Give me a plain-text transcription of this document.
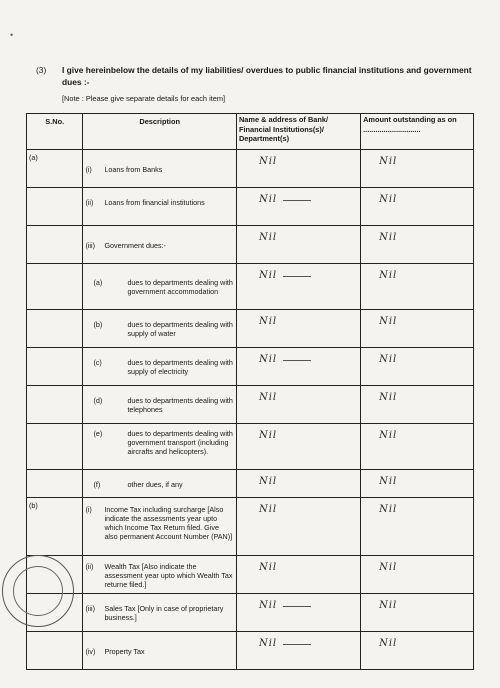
•
(3) I give hereinbelow the details of my liabilities/ overdues to public financial institutions and government dues :-
[Note : Please give separate details for each item]
S.No.	Description	Name & address of Bank/ Financial Institutions(s)/ Department(s)	Amount outstanding as on ............................
(a)	(i) Loans from Banks	Nil	Nil

	(ii) Loans from financial institutions	Nil	Nil

	(iii) Government dues:-	Nil	Nil

	(a) dues to departments dealing with government accommodation	Nil	Nil

	(b) dues to departments dealing with supply of water	Nil	Nil

	(c) dues to departments dealing with supply of electricity	Nil	Nil

	(d) dues to departments dealing with telephones	Nil	Nil

	(e) dues to departments dealing with government transport (including aircrafts and helicopters).	Nil	Nil

	(f) other dues, if any	Nil	Nil
(b)	(i) Income Tax including surcharge [Also indicate the assessments year upto which Income Tax Return filed. Give also permanent Account Number (PAN)]	Nil	Nil

	(ii) Wealth Tax [Also indicate the assessment year upto which Wealth Tax returne filed.]	Nil	Nil

	(iii) Sales Tax [Only in case of proprietary business.]	Nil	Nil

	(iv) Property Tax	Nil	Nil
